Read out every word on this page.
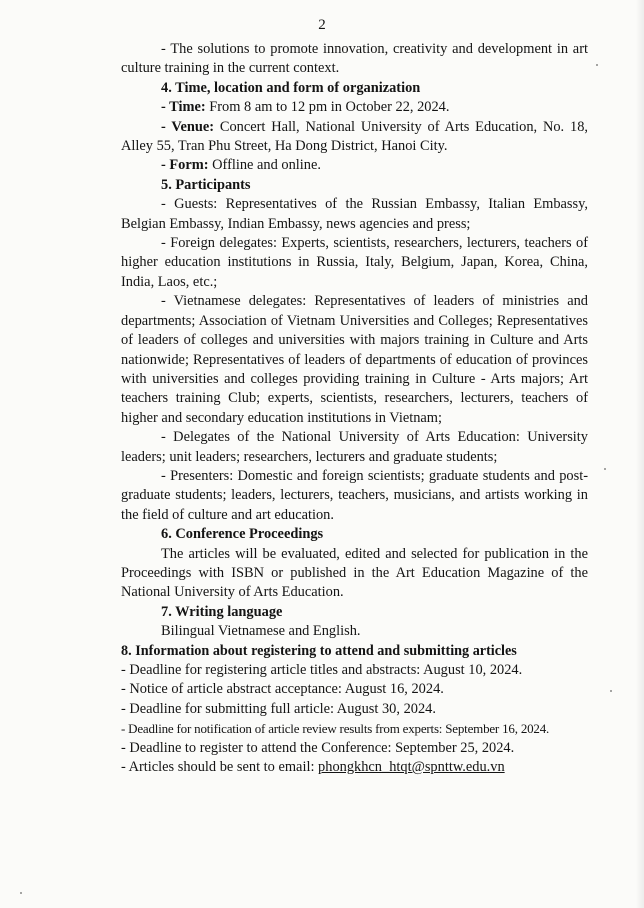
2

- The solutions to promote innovation, creativity and development in art culture training in the current context.

4. Time, location and form of organization

- Time: From 8 am to 12 pm in October 22, 2024.

- Venue: Concert Hall, National University of Arts Education, No. 18, Alley 55, Tran Phu Street, Ha Dong District, Hanoi City.

- Form: Offline and online.

5. Participants

- Guests: Representatives of the Russian Embassy, Italian Embassy, Belgian Embassy, Indian Embassy, news agencies and press;

- Foreign delegates: Experts, scientists, researchers, lecturers, teachers of higher education institutions in Russia, Italy, Belgium, Japan, Korea, China, India, Laos, etc.;

- Vietnamese delegates: Representatives of leaders of ministries and departments; Association of Vietnam Universities and Colleges; Representatives of leaders of colleges and universities with majors training in Culture and Arts nationwide; Representatives of leaders of departments of education of provinces with universities and colleges providing training in Culture - Arts majors; Art teachers training Club; experts, scientists, researchers, lecturers, teachers of higher and secondary education institutions in Vietnam;

- Delegates of the National University of Arts Education: University leaders; unit leaders; researchers, lecturers and graduate students;

- Presenters: Domestic and foreign scientists; graduate students and post-graduate students; leaders, lecturers, teachers, musicians, and artists working in the field of culture and art education.

6. Conference Proceedings

The articles will be evaluated, edited and selected for publication in the Proceedings with ISBN or published in the Art Education Magazine of the National University of Arts Education.

7. Writing language

Bilingual Vietnamese and English.

8. Information about registering to attend and submitting articles

- Deadline for registering article titles and abstracts: August 10, 2024.

- Notice of article abstract acceptance: August 16, 2024.

- Deadline for submitting full article: August 30, 2024.

- Deadline for notification of article review results from experts: September 16, 2024.

- Deadline to register to attend the Conference: September 25, 2024.

- Articles should be sent to email: phongkhcn_htqt@spnttw.edu.vn
